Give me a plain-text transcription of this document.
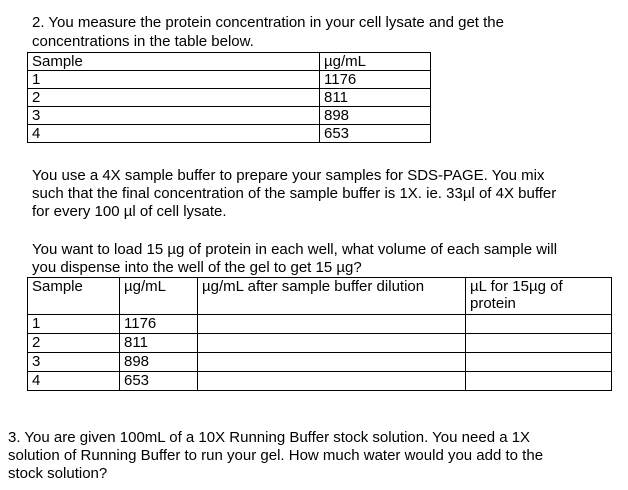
2. You measure the protein concentration in your cell lysate and get the
concentrations in the table below.
Sample	µg/mL
1	1176
2	811
3	898
4	653
You use a 4X sample buffer to prepare your samples for SDS-PAGE. You mix
such that the final concentration of the sample buffer is 1X. ie. 33µl of 4X buffer
for every 100 µl of cell lysate.
You want to load 15 µg of protein in each well, what volume of each sample will
you dispense into the well of the gel to get 15 µg?
Sample	µg/mL	µg/mL after sample buffer dilution	µL for 15µg of
protein

1	1176		
2	811		
3	898		
4	653		
3. You are given 100mL of a 10X Running Buffer stock solution. You need a 1X
solution of Running Buffer to run your gel. How much water would you add to the
stock solution?
